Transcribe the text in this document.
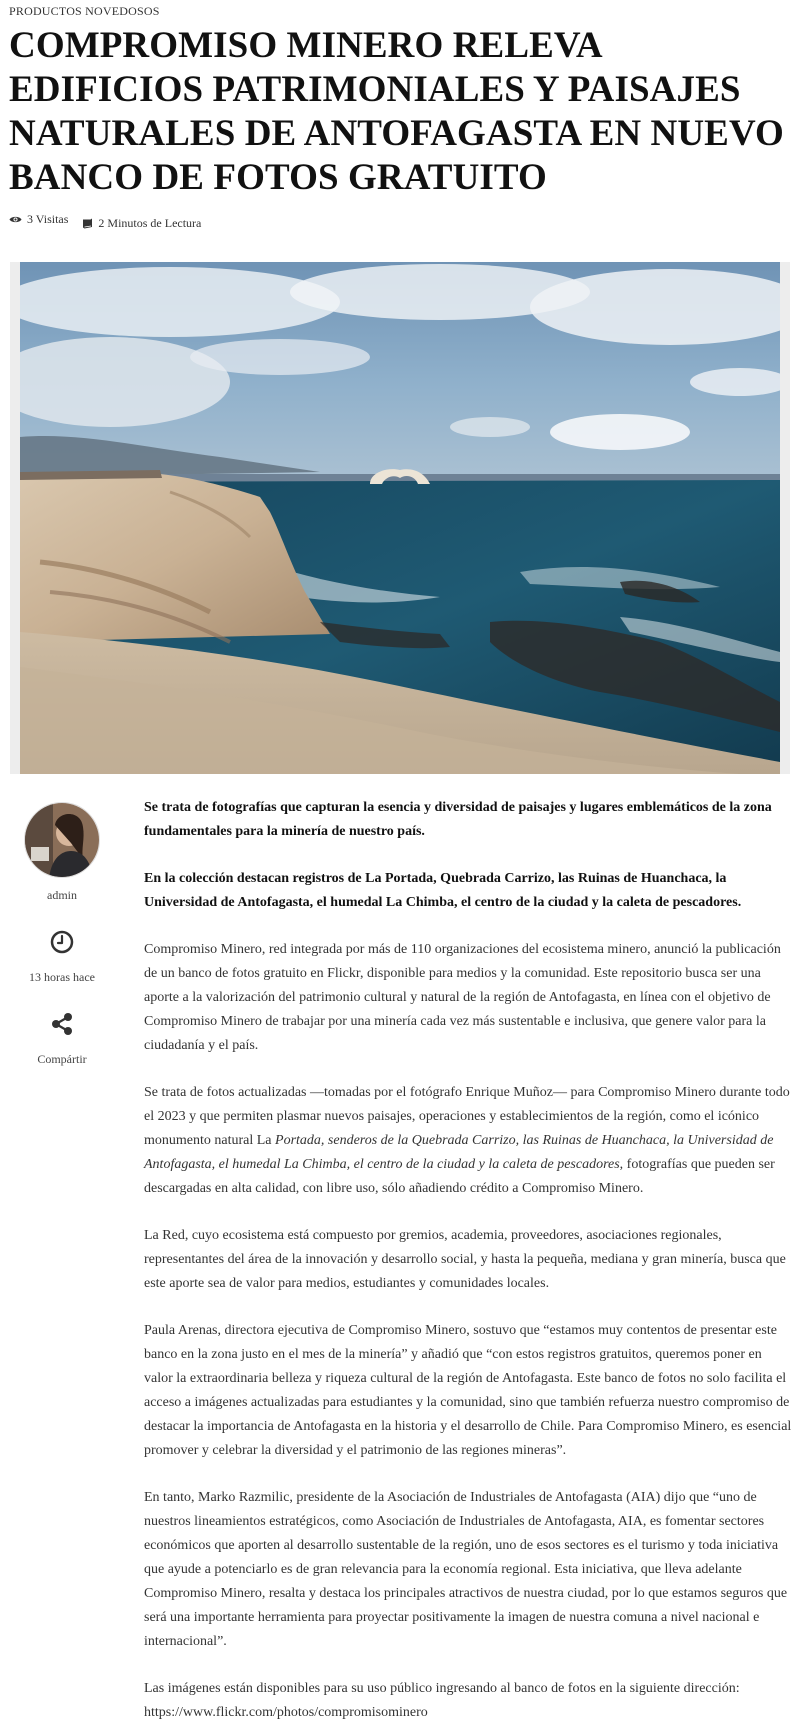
PRODUCTOS NOVEDOSOS
COMPROMISO MINERO RELEVA EDIFICIOS PATRIMONIALES Y PAISAJES NATURALES DE ANTOFAGASTA EN NUEVO BANCO DE FOTOS GRATUITO
3 Visitas	2 Minutos de Lectura
admin
13 horas hace
Compártir

Se trata de fotografías que capturan la esencia y diversidad de paisajes y lugares emblemáticos de la zona fundamentales para la minería de nuestro país.

En la colección destacan registros de La Portada, Quebrada Carrizo, las Ruinas de Huanchaca, la Universidad de Antofagasta, el humedal La Chimba, el centro de la ciudad y la caleta de pescadores.

Compromiso Minero, red integrada por más de 110 organizaciones del ecosistema minero, anunció la publicación de un banco de fotos gratuito en Flickr, disponible para medios y la comunidad. Este repositorio busca ser una aporte a la valorización del patrimonio cultural y natural de la región de Antofagasta, en línea con el objetivo de Compromiso Minero de trabajar por una minería cada vez más sustentable e inclusiva, que genere valor para la ciudadanía y el país.

Se trata de fotos actualizadas —tomadas por el fotógrafo Enrique Muñoz— para Compromiso Minero durante todo el 2023 y que permiten plasmar nuevos paisajes, operaciones y establecimientos de la región, como el icónico monumento natural La Portada, senderos de la Quebrada Carrizo, las Ruinas de Huanchaca, la Universidad de Antofagasta, el humedal La Chimba, el centro de la ciudad y la caleta de pescadores, fotografías que pueden ser descargadas en alta calidad, con libre uso, sólo añadiendo crédito a Compromiso Minero.

La Red, cuyo ecosistema está compuesto por gremios, academia, proveedores, asociaciones regionales, representantes del área de la innovación y desarrollo social, y hasta la pequeña, mediana y gran minería, busca que este aporte sea de valor para medios, estudiantes y comunidades locales.

Paula Arenas, directora ejecutiva de Compromiso Minero, sostuvo que “estamos muy contentos de presentar este banco en la zona justo en el mes de la minería” y añadió que “con estos registros gratuitos, queremos poner en valor la extraordinaria belleza y riqueza cultural de la región de Antofagasta. Este banco de fotos no solo facilita el acceso a imágenes actualizadas para estudiantes y la comunidad, sino que también refuerza nuestro compromiso de destacar la importancia de Antofagasta en la historia y el desarrollo de Chile. Para Compromiso Minero, es esencial promover y celebrar la diversidad y el patrimonio de las regiones mineras”.

En tanto, Marko Razmilic, presidente de la Asociación de Industriales de Antofagasta (AIA) dijo que “uno de nuestros lineamientos estratégicos, como Asociación de Industriales de Antofagasta, AIA, es fomentar sectores económicos que aporten al desarrollo sustentable de la región, uno de esos sectores es el turismo y toda iniciativa que ayude a potenciarlo es de gran relevancia para la economía regional. Esta iniciativa, que lleva adelante Compromiso Minero, resalta y destaca los principales atractivos de nuestra ciudad, por lo que estamos seguros que será una importante herramienta para proyectar positivamente la imagen de nuestra comuna a nivel nacional e internacional”.

Las imágenes están disponibles para su uso público ingresando al banco de fotos en la siguiente dirección: https://www.flickr.com/photos/compromisominero
